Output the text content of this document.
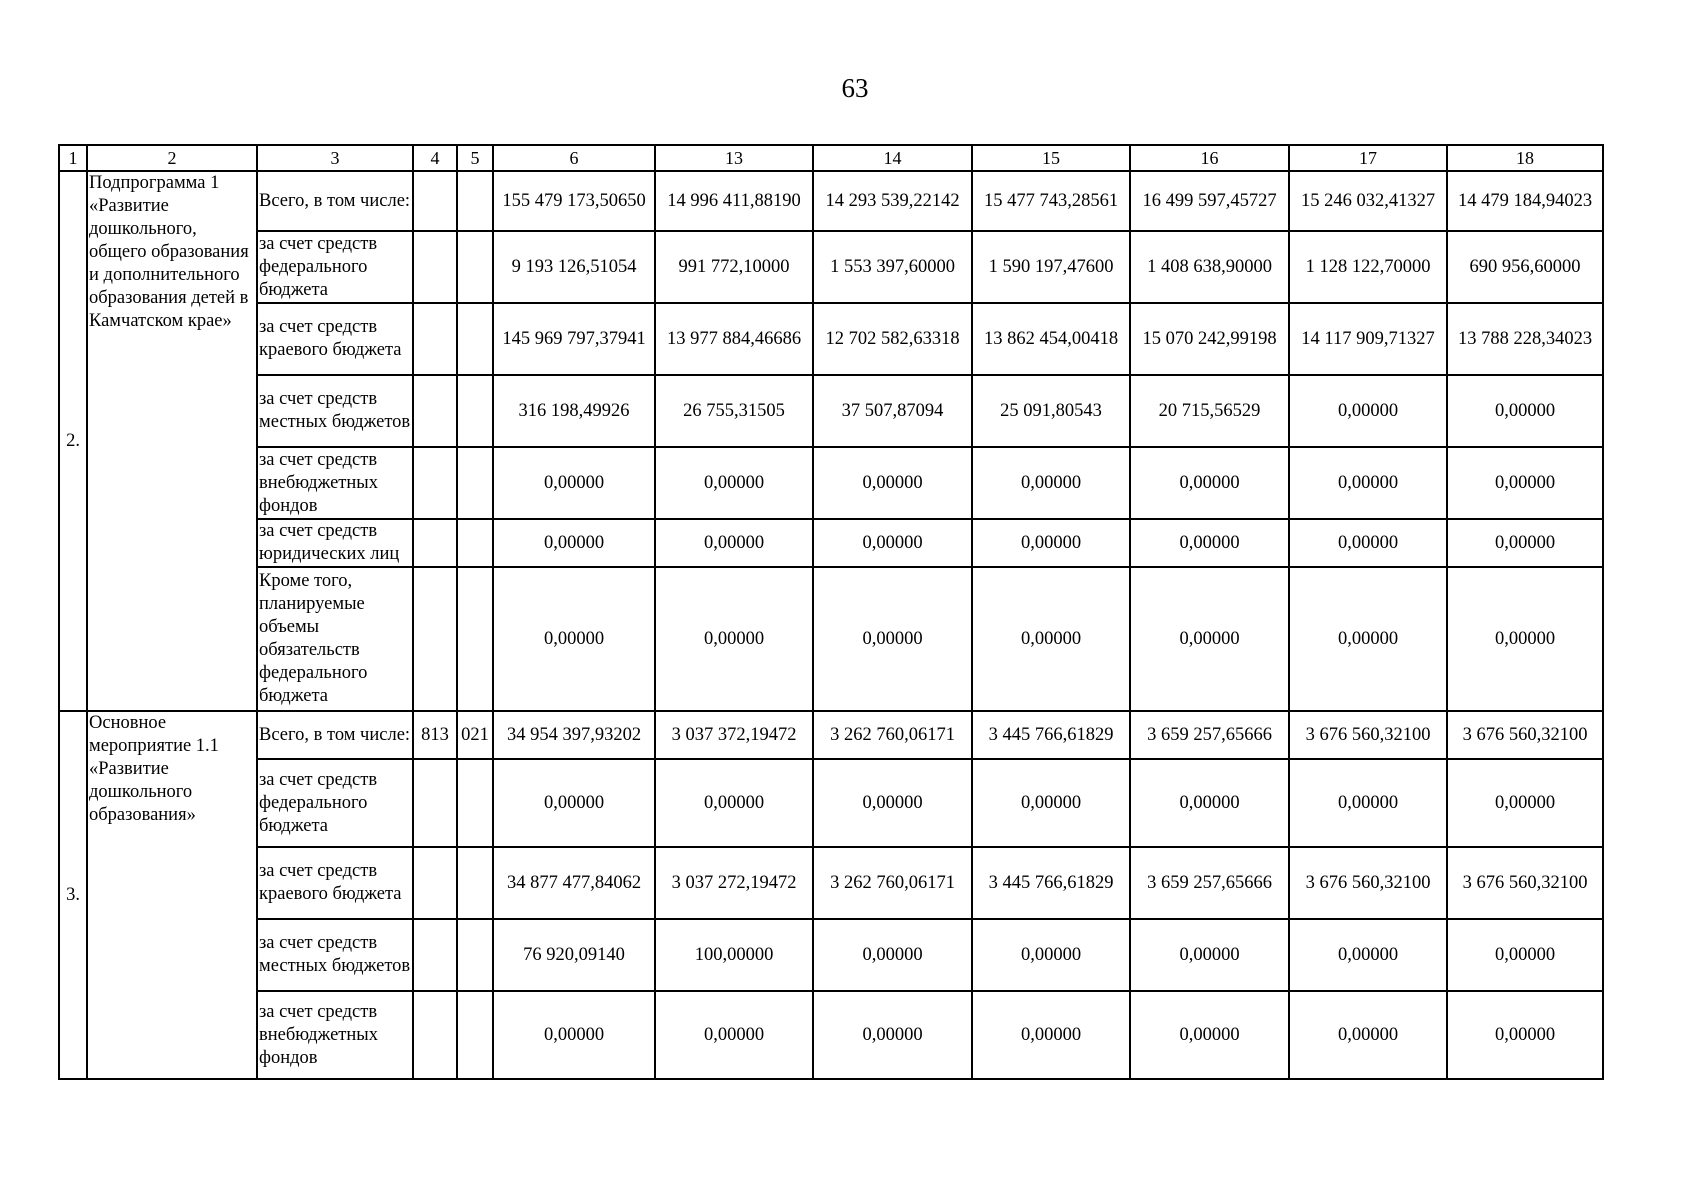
63
1	2	3	4	5	6	13	14	15	16	17	18
2.	Подпрограмма 1 «Развитие дошкольного, общего образования и дополнительного образования детей в Камчатском крае»	Всего, в том числе:			155 479 173,50650	14 996 411,88190	14 293 539,22142	15 477 743,28561	16 499 597,45727	15 246 032,41327	14 479 184,94023
		за счет средств федерального бюджета			9 193 126,51054	991 772,10000	1 553 397,60000	1 590 197,47600	1 408 638,90000	1 128 122,70000	690 956,60000
		за счет средств краевого бюджета			145 969 797,37941	13 977 884,46686	12 702 582,63318	13 862 454,00418	15 070 242,99198	14 117 909,71327	13 788 228,34023
		за счет средств местных бюджетов			316 198,49926	26 755,31505	37 507,87094	25 091,80543	20 715,56529	0,00000	0,00000
		за счет средств внебюджетных фондов			0,00000	0,00000	0,00000	0,00000	0,00000	0,00000	0,00000
		за счет средств юридических лиц			0,00000	0,00000	0,00000	0,00000	0,00000	0,00000	0,00000
		Кроме того, планируемые объемы обязательств федерального бюджета			0,00000	0,00000	0,00000	0,00000	0,00000	0,00000	0,00000
3.	Основное мероприятие 1.1 «Развитие дошкольного образования»	Всего, в том числе:	813	021	34 954 397,93202	3 037 372,19472	3 262 760,06171	3 445 766,61829	3 659 257,65666	3 676 560,32100	3 676 560,32100
		за счет средств федерального бюджета			0,00000	0,00000	0,00000	0,00000	0,00000	0,00000	0,00000
		за счет средств краевого бюджета			34 877 477,84062	3 037 272,19472	3 262 760,06171	3 445 766,61829	3 659 257,65666	3 676 560,32100	3 676 560,32100
		за счет средств местных бюджетов			76 920,09140	100,00000	0,00000	0,00000	0,00000	0,00000	0,00000
		за счет средств внебюджетных фондов			0,00000	0,00000	0,00000	0,00000	0,00000	0,00000	0,00000
